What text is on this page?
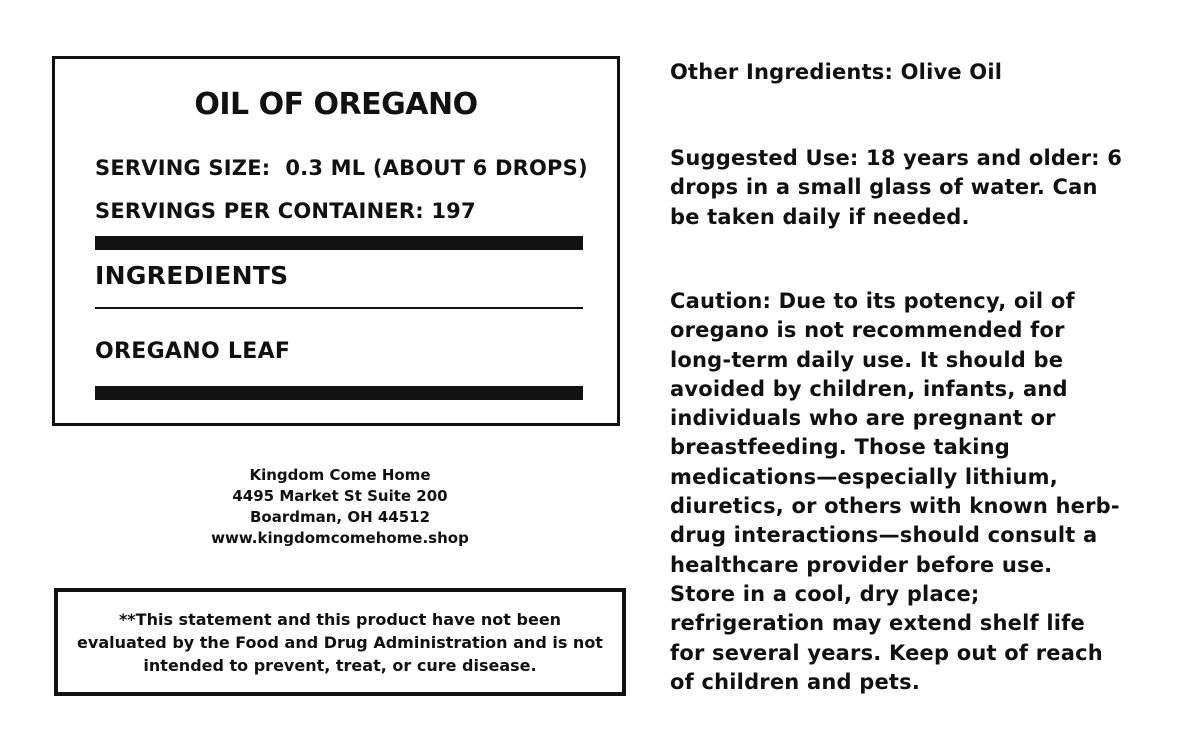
OIL OF OREGANO
SERVING SIZE:  0.3 ML (ABOUT 6 DROPS)
SERVINGS PER CONTAINER: 197
INGREDIENTS
OREGANO LEAF
Kingdom Come Home
4495 Market St Suite 200
Boardman, OH 44512
www.kingdomcomehome.shop
**This statement and this product have not been evaluated by the Food and Drug Administration and is not intended to prevent, treat, or cure disease.
Other Ingredients: Olive Oil
Suggested Use: 18 years and older: 6
drops in a small glass of water. Can
be taken daily if needed.
Caution: Due to its potency, oil of
oregano is not recommended for
long-term daily use. It should be
avoided by children, infants, and
individuals who are pregnant or
breastfeeding. Those taking
medications—especially lithium,
diuretics, or others with known herb-
drug interactions—should consult a
healthcare provider before use.
Store in a cool, dry place;
refrigeration may extend shelf life
for several years. Keep out of reach
of children and pets.
